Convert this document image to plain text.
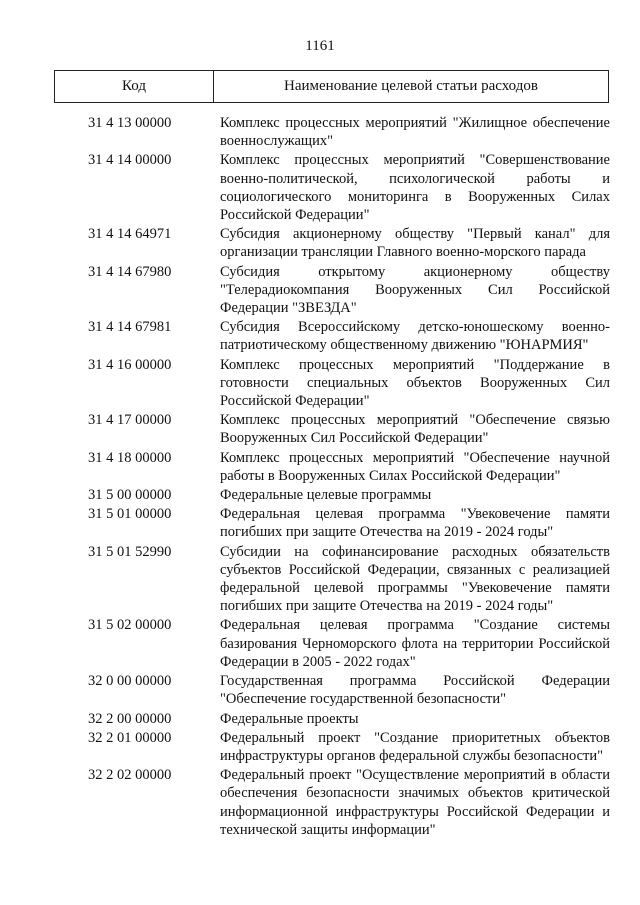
1161
Код	Наименование целевой статьи расходов
31 4 13 00000	Комплекс процессных мероприятий "Жилищное обеспечение военнослужащих"
31 4 14 00000	Комплекс процессных мероприятий "Совершенствование военно-политической, психологической работы и социологического мониторинга в Вооруженных Силах Российской Федерации"
31 4 14 64971	Субсидия акционерному обществу "Первый канал" для организации трансляции Главного военно-морского парада
31 4 14 67980	Субсидия открытому акционерному обществу "Телерадиокомпания Вооруженных Сил Российской Федерации "ЗВЕЗДА"
31 4 14 67981	Субсидия Всероссийскому детско-юношескому военно-патриотическому общественному движению "ЮНАРМИЯ"
31 4 16 00000	Комплекс процессных мероприятий "Поддержание в готовности специальных объектов Вооруженных Сил Российской Федерации"
31 4 17 00000	Комплекс процессных мероприятий "Обеспечение связью Вооруженных Сил Российской Федерации"
31 4 18 00000	Комплекс процессных мероприятий "Обеспечение научной работы в Вооруженных Силах Российской Федерации"
31 5 00 00000	Федеральные целевые программы
31 5 01 00000	Федеральная целевая программа "Увековечение памяти погибших при защите Отечества на 2019 - 2024 годы"
31 5 01 52990	Субсидии на софинансирование расходных обязательств субъектов Российской Федерации, связанных с реализацией федеральной целевой программы "Увековечение памяти погибших при защите Отечества на 2019 - 2024 годы"
31 5 02 00000	Федеральная целевая программа "Создание системы базирования Черноморского флота на территории Российской Федерации в 2005 - 2022 годах"
32 0 00 00000	Государственная программа Российской Федерации "Обеспечение государственной безопасности"
32 2 00 00000	Федеральные проекты
32 2 01 00000	Федеральный проект "Создание приоритетных объектов инфраструктуры органов федеральной службы безопасности"
32 2 02 00000	Федеральный проект "Осуществление мероприятий в области обеспечения безопасности значимых объектов критической информационной инфраструктуры Российской Федерации и технической защиты информации"
